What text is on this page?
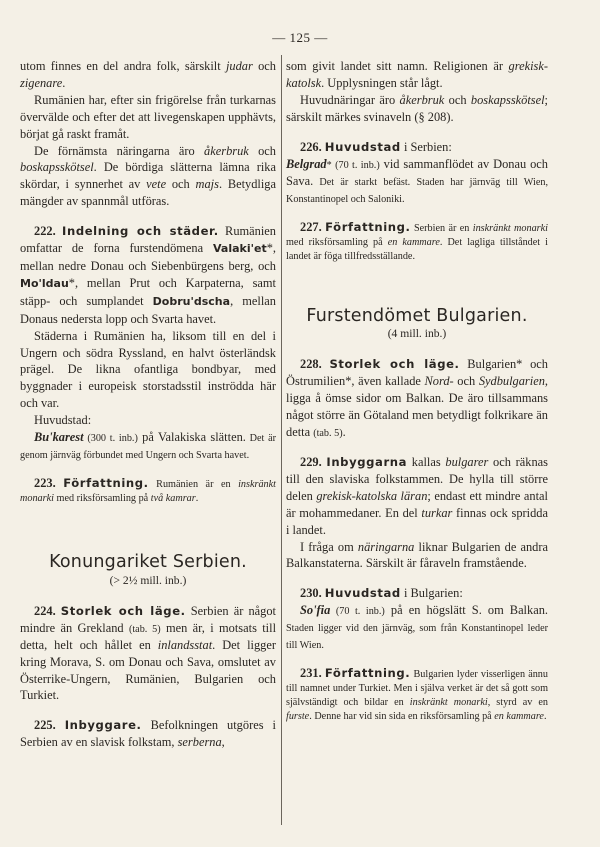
— 125 —

utom finnes en del andra folk, särskilt judar och zigenare.

Rumänien har, efter sin frigörelse från turkarnas övervälde och efter det att livegenskapen upphävts, börjat gå raskt framåt.

De förnämsta näringarna äro åkerbruk och boskapsskötsel. De bördiga slätterna lämna rika skördar, i synnerhet av vete och majs. Betydliga mängder av spannmål utföras.

222. Indelning och städer. Rumänien omfattar de forna furstendömena Valaki'et*, mellan nedre Donau och Siebenbürgens berg, och Mo'ldau*, mellan Prut och Karpaterna, samt stäpp- och sumplandet Dobru'dscha, mellan Donaus nedersta lopp och Svarta havet.

Städerna i Rumänien ha, liksom till en del i Ungern och södra Ryssland, en halvt österländsk prägel. De likna ofantliga bondbyar, med byggnader i europeisk storstadsstil inströdda här och var.

Huvudstad:

Bu'karest (300 t. inb.) på Valakiska slätten. Det är genom järnväg förbundet med Ungern och Svarta havet.

223. Författning. Rumänien är en inskränkt monarki med riksförsamling på två kamrar.

Konungariket Serbien.
(> 2½ mill. inb.)

224. Storlek och läge. Serbien är något mindre än Grekland (tab. 5) men är, i motsats till detta, helt och hållet en inlandsstat. Det ligger kring Morava, S. om Donau och Sava, omslutet av Österrike-Ungern, Rumänien, Bulgarien och Turkiet.

225. Inbyggare. Befolkningen utgöres i Serbien av en slavisk folkstam, serberna,

som givit landet sitt namn. Religionen är grekisk-katolsk. Upplysningen står lågt.

Huvudnäringar äro åkerbruk och boskapsskötsel; särskilt märkes svinaveln (§ 208).

226. Huvudstad i Serbien:

Belgrad* (70 t. inb.) vid sammanflödet av Donau och Sava. Det är starkt befäst. Staden har järnväg till Wien, Konstantinopel och Saloniki.

227. Författning. Serbien är en inskränkt monarki med riksförsamling på en kammare. Det lagliga tillståndet i landet är föga tillfredsställande.

Furstendömet Bulgarien.
(4 mill. inb.)

228. Storlek och läge. Bulgarien* och Östrumilien*, även kallade Nord- och Sydbulgarien, ligga å ömse sidor om Balkan. De äro tillsammans något större än Götaland men betydligt folkrikare än detta (tab. 5).

229. Inbyggarna kallas bulgarer och räknas till den slaviska folkstammen. De hylla till större delen grekisk-katolska läran; endast ett mindre antal är mohammedaner. En del turkar finnas ock spridda i landet.

I fråga om näringarna liknar Bulgarien de andra Balkanstaterna. Särskilt är fåraveln framstående.

230. Huvudstad i Bulgarien:

So'fia (70 t. inb.) på en högslätt S. om Balkan. Staden ligger vid den järnväg, som från Konstantinopel leder till Wien.

231. Författning. Bulgarien lyder visserligen ännu till namnet under Turkiet. Men i själva verket är det så gott som självständigt och bildar en inskränkt monarki, styrd av en furste. Denne har vid sin sida en riksförsamling på en kammare.
